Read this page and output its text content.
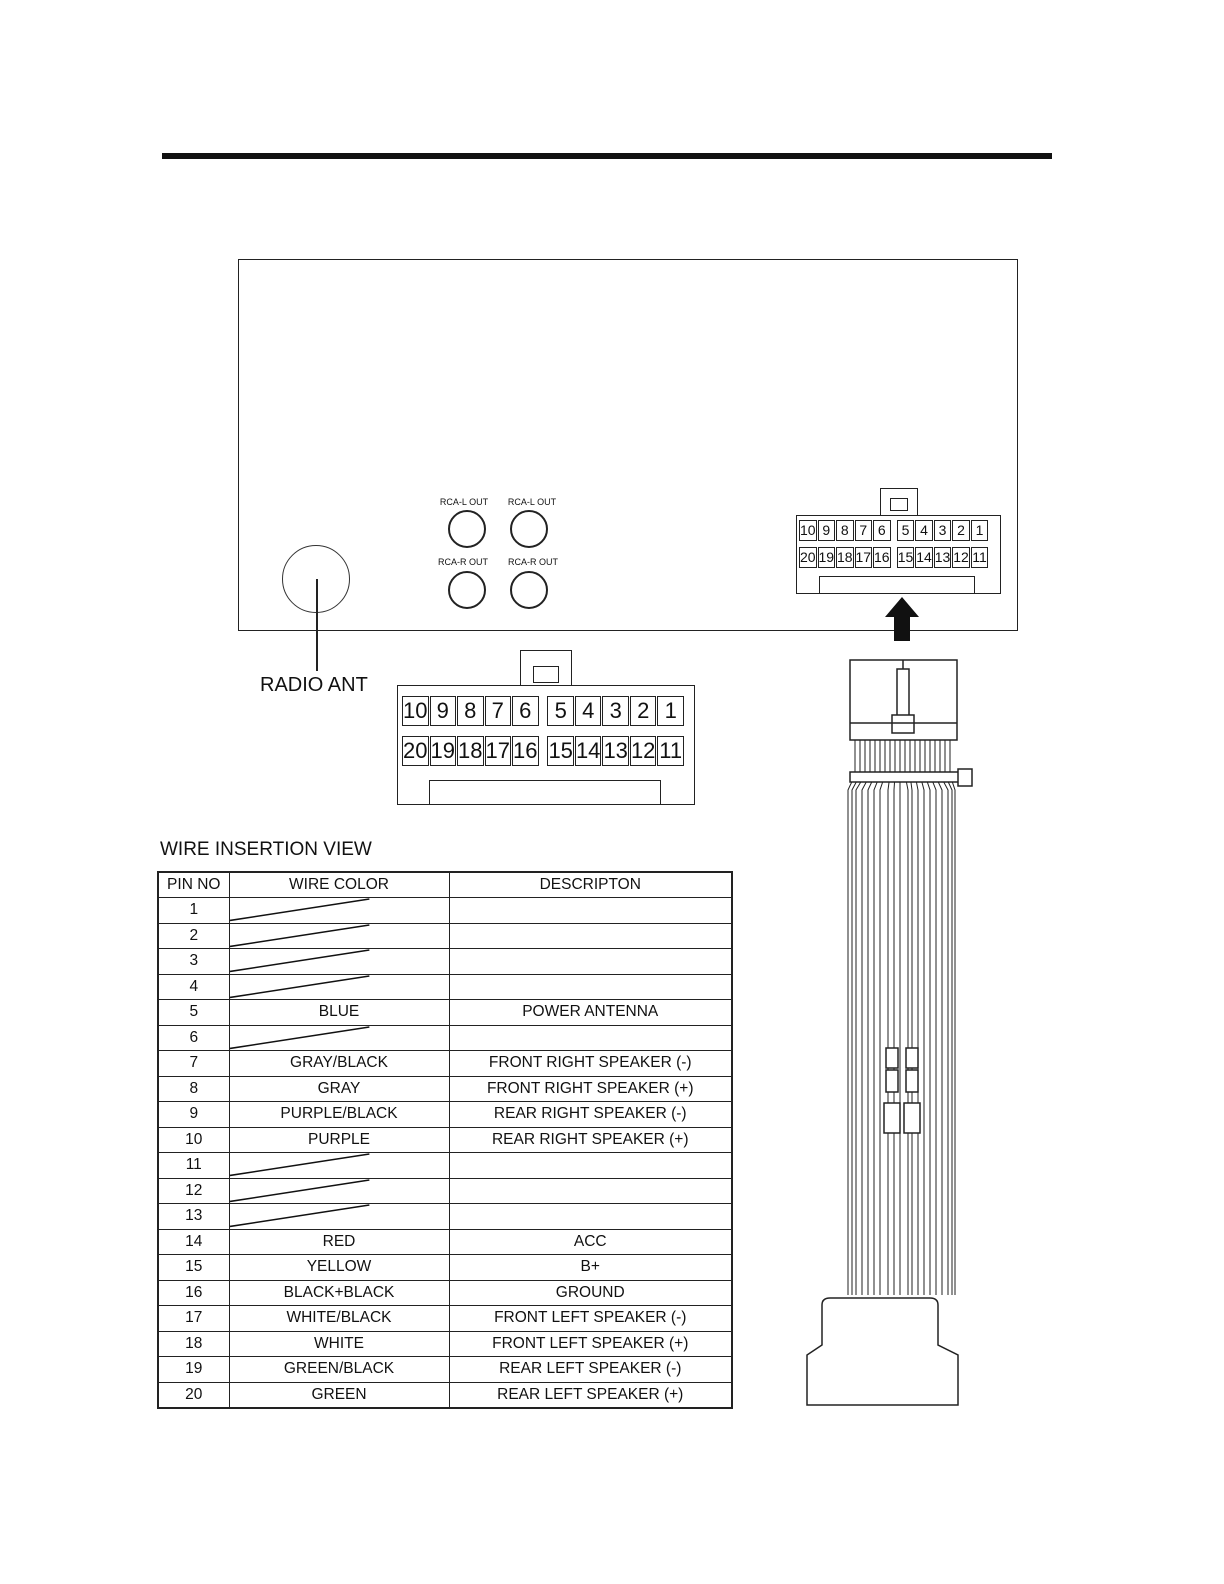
RCA-L OUT	RCA-L OUT
RCA-R OUT	RCA-R OUT
RADIO ANT
10 9 8 7 6	5 4 3 2 1
20 19 18 17 16 15 14 13 12 11
10 9 8 7 6	5 4 3 2 1
20 19 18 17 16 15 14 13 12 11
WIRE INSERTION VIEW
PIN NO	WIRE COLOR	DESCRIPTON
1	

2	

3	

4	

5	BLUE	POWER ANTENNA
6	

7	GRAY/BLACK	FRONT RIGHT SPEAKER (-)
8	GRAY	FRONT RIGHT SPEAKER (+)
9	PURPLE/BLACK	REAR RIGHT SPEAKER (-)
10	PURPLE	REAR RIGHT SPEAKER (+)
11	

12	

13	

14	RED	ACC
15	YELLOW	B+
16	BLACK+BLACK	GROUND
17	WHITE/BLACK	FRONT LEFT SPEAKER (-)
18	WHITE	FRONT LEFT SPEAKER (+)
19	GREEN/BLACK	REAR LEFT SPEAKER (-)
20	GREEN	REAR LEFT SPEAKER (+)
